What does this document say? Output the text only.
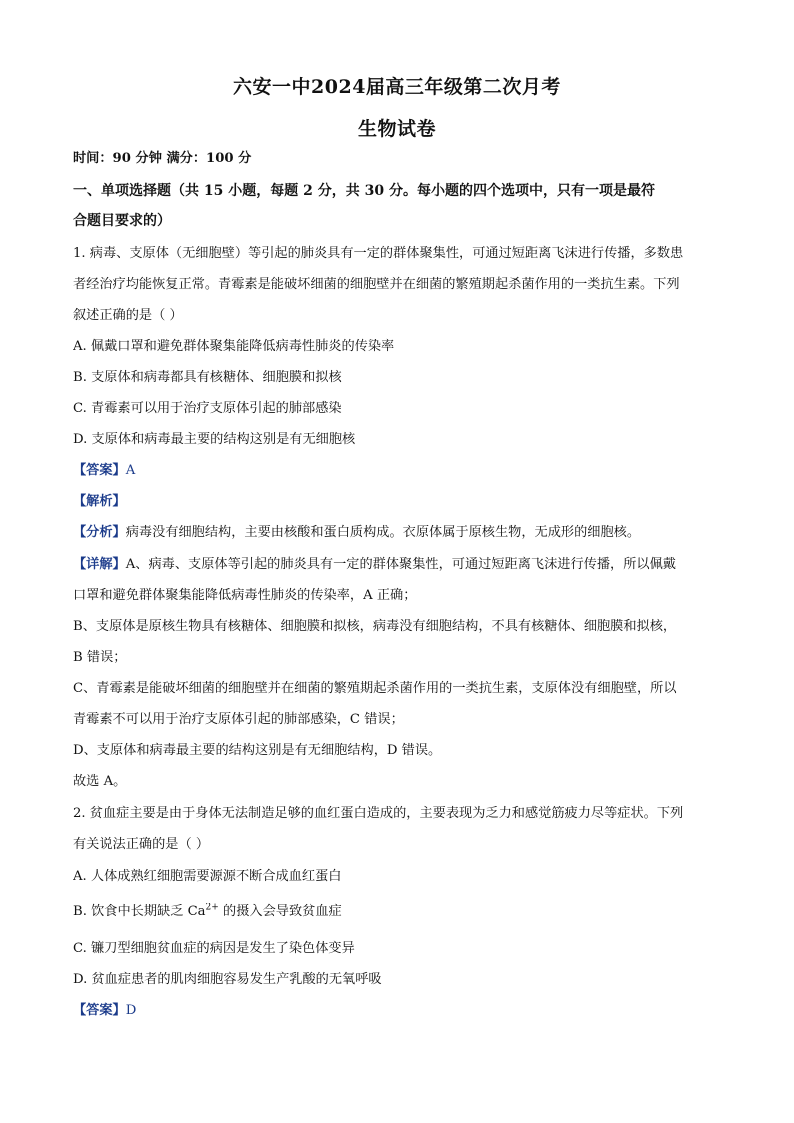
六安一中2024届高三年级第二次月考
生物试卷
时间：90 分钟 满分：100 分
一、单项选择题（共 15 小题，每题 2 分，共 30 分。每小题的四个选项中，只有一项是最符
合题目要求的）
1. 病毒、支原体（无细胞壁）等引起的肺炎具有一定的群体聚集性，可通过短距离飞沫进行传播，多数患
者经治疗均能恢复正常。青霉素是能破坏细菌的细胞壁并在细菌的繁殖期起杀菌作用的一类抗生素。下列
叙述正确的是（ ）
A. 佩戴口罩和避免群体聚集能降低病毒性肺炎的传染率
B. 支原体和病毒都具有核糖体、细胞膜和拟核
C. 青霉素可以用于治疗支原体引起的肺部感染
D. 支原体和病毒最主要的结构这别是有无细胞核
【答案】A
【解析】
【分析】病毒没有细胞结构，主要由核酸和蛋白质构成。衣原体属于原核生物，无成形的细胞核。
【详解】A、病毒、支原体等引起的肺炎具有一定的群体聚集性，可通过短距离飞沫进行传播，所以佩戴
口罩和避免群体聚集能降低病毒性肺炎的传染率，A 正确；
B、支原体是原核生物具有核糖体、细胞膜和拟核，病毒没有细胞结构，不具有核糖体、细胞膜和拟核，
B 错误；
C、青霉素是能破坏细菌的细胞壁并在细菌的繁殖期起杀菌作用的一类抗生素，支原体没有细胞壁，所以
青霉素不可以用于治疗支原体引起的肺部感染，C 错误；
D、支原体和病毒最主要的结构这别是有无细胞结构，D 错误。
故选 A。
2. 贫血症主要是由于身体无法制造足够的血红蛋白造成的，主要表现为乏力和感觉筋疲力尽等症状。下列
有关说法正确的是（ ）
A. 人体成熟红细胞需要源源不断合成血红蛋白
B. 饮食中长期缺乏 $Ca^{2+}$ 的摄入会导致贫血症
C. 镰刀型细胞贫血症的病因是发生了染色体变异
D. 贫血症患者的肌肉细胞容易发生产乳酸的无氧呼吸
【答案】D
